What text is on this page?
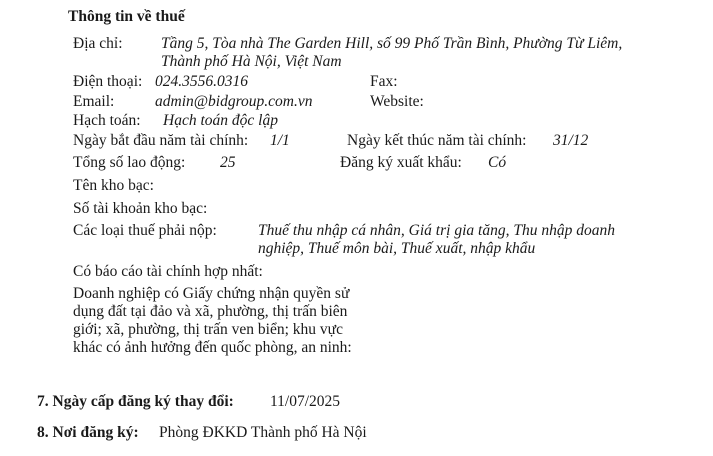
Thông tin về thuế
Địa chỉ: Tầng 5, Tòa nhà The Garden Hill, số 99 Phố Trần Bình, Phường Từ Liêm,
Thành phố Hà Nội, Việt Nam
Điện thoại: 024.3556.0316	Fax:
Email:	admin@bidgroup.com.vn	Website:
Hạch toán: Hạch toán độc lập
Ngày bắt đầu năm tài chính: 1/1	Ngày kết thúc năm tài chính: 31/12
Tổng số lao động: 25	Đăng ký xuất khẩu: Có
Tên kho bạc:
Số tài khoản kho bạc:
Các loại thuế phải nộp:	Thuế thu nhập cá nhân, Giá trị gia tăng, Thu nhập doanh
nghiệp, Thuế môn bài, Thuế xuất, nhập khẩu
Có báo cáo tài chính hợp nhất:
Doanh nghiệp có Giấy chứng nhận quyền sử
dụng đất tại đảo và xã, phường, thị trấn biên
giới; xã, phường, thị trấn ven biển; khu vực
khác có ảnh hưởng đến quốc phòng, an ninh:
7. Ngày cấp đăng ký thay đổi: 11/07/2025
8. Nơi đăng ký: Phòng ĐKKD Thành phố Hà Nội
